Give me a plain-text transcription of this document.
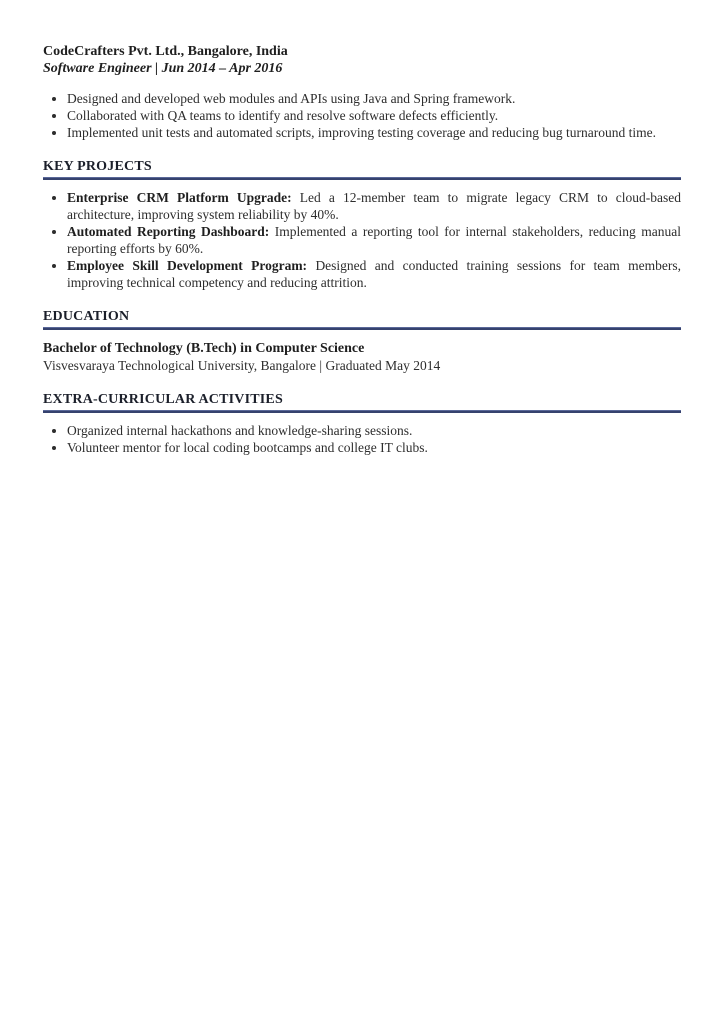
CodeCrafters Pvt. Ltd., Bangalore, India
Software Engineer | Jun 2014 – Apr 2016
• Designed and developed web modules and APIs using Java and Spring framework.
• Collaborated with QA teams to identify and resolve software defects efficiently.
• Implemented unit tests and automated scripts, improving testing coverage and reducing bug turnaround time.
KEY PROJECTS
• Enterprise CRM Platform Upgrade: Led a 12-member team to migrate legacy CRM to cloud-based architecture, improving system reliability by 40%.
• Automated Reporting Dashboard: Implemented a reporting tool for internal stakeholders, reducing manual reporting efforts by 60%.
• Employee Skill Development Program: Designed and conducted training sessions for team members, improving technical competency and reducing attrition.
EDUCATION
Bachelor of Technology (B.Tech) in Computer Science
Visvesvaraya Technological University, Bangalore | Graduated May 2014
EXTRA-CURRICULAR ACTIVITIES
• Organized internal hackathons and knowledge-sharing sessions.
• Volunteer mentor for local coding bootcamps and college IT clubs.
